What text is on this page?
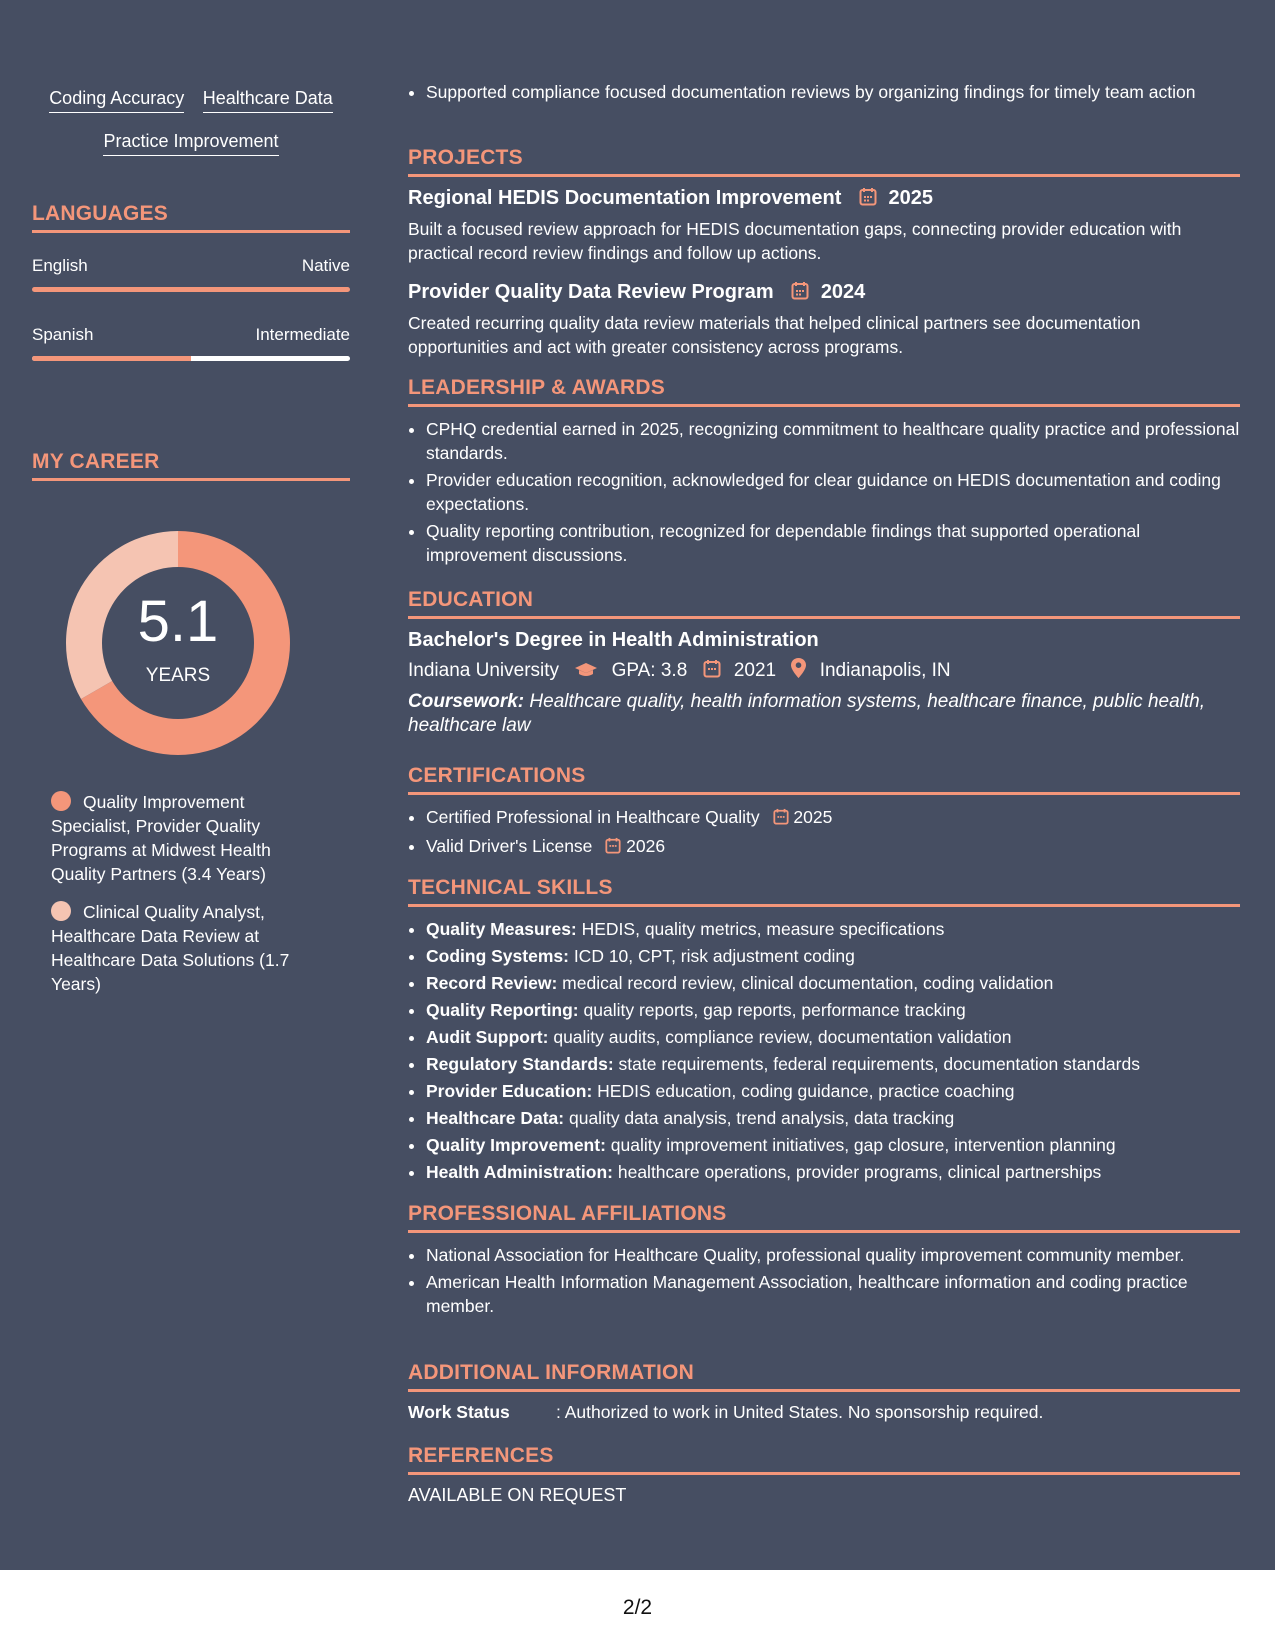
Coding Accuracy Healthcare Data Practice Improvement
LANGUAGES
English	Native
Spanish	Intermediate
MY CAREER
5.1
YEARS
Quality Improvement Specialist, Provider Quality Programs at Midwest Health Quality Partners (3.4 Years)
Clinical Quality Analyst, Healthcare Data Review at Healthcare Data Solutions (1.7 Years)
• Supported compliance focused documentation reviews by organizing findings for timely team action
PROJECTS
Regional HEDIS Documentation Improvement 2025
Built a focused review approach for HEDIS documentation gaps, connecting provider education with practical record review findings and follow up actions.
Provider Quality Data Review Program 2024
Created recurring quality data review materials that helped clinical partners see documentation opportunities and act with greater consistency across programs.
LEADERSHIP & AWARDS
• CPHQ credential earned in 2025, recognizing commitment to healthcare quality practice and professional standards.
• Provider education recognition, acknowledged for clear guidance on HEDIS documentation and coding expectations.
• Quality reporting contribution, recognized for dependable findings that supported operational improvement discussions.
EDUCATION
Bachelor's Degree in Health Administration
Indiana University	GPA: 3.8 2021 Indianapolis, IN
Coursework: Healthcare quality, health information systems, healthcare finance, public health, healthcare law
CERTIFICATIONS
• Certified Professional in Healthcare Quality 2025
• Valid Driver's License 2026
TECHNICAL SKILLS
• Quality Measures: HEDIS, quality metrics, measure specifications
• Coding Systems: ICD 10, CPT, risk adjustment coding
• Record Review: medical record review, clinical documentation, coding validation
• Quality Reporting: quality reports, gap reports, performance tracking
• Audit Support: quality audits, compliance review, documentation validation
• Regulatory Standards: state requirements, federal requirements, documentation standards
• Provider Education: HEDIS education, coding guidance, practice coaching
• Healthcare Data: quality data analysis, trend analysis, data tracking
• Quality Improvement: quality improvement initiatives, gap closure, intervention planning
• Health Administration: healthcare operations, provider programs, clinical partnerships
PROFESSIONAL AFFILIATIONS
• National Association for Healthcare Quality, professional quality improvement community member.
• American Health Information Management Association, healthcare information and coding practice member.
ADDITIONAL INFORMATION
Work Status	: Authorized to work in United States. No sponsorship required.
REFERENCES
AVAILABLE ON REQUEST
2/2
